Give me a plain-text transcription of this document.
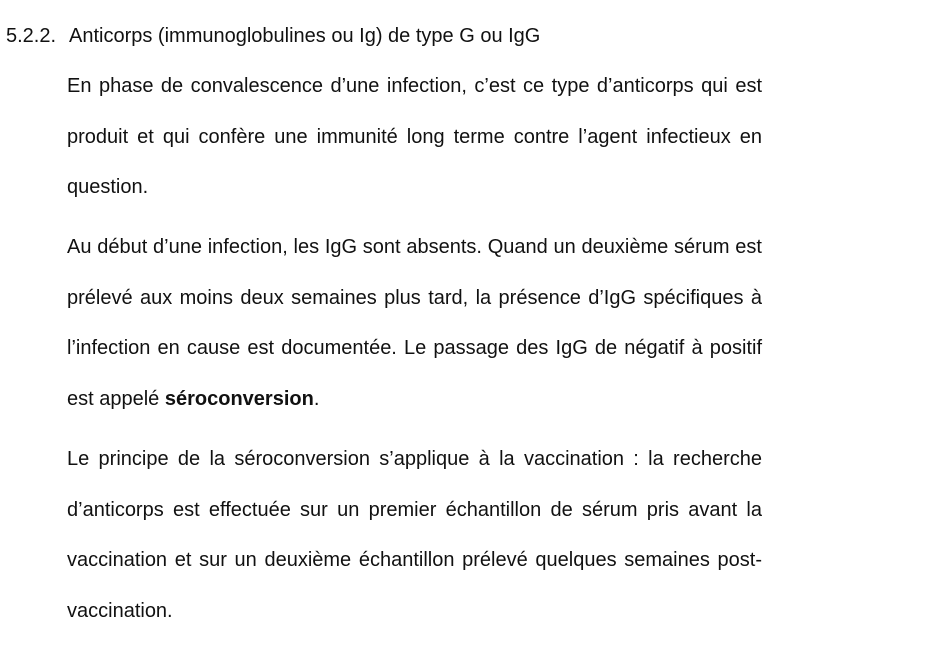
5.2.2. Anticorps (immunoglobulines ou Ig) de type G ou IgG

En phase de convalescence d’une infection, c’est ce type d’anticorps qui est produit et qui confère une immunité long terme contre l’agent infectieux en question.

Au début d’une infection, les IgG sont absents. Quand un deuxième sérum est prélevé aux moins deux semaines plus tard, la présence d’IgG spécifiques à l’infection en cause est documentée. Le passage des IgG de négatif à positif est appelé séroconversion.

Le principe de la séroconversion s’applique à la vaccination : la recherche d’anticorps est effectuée sur un premier échantillon de sérum pris avant la vaccination et sur un deuxième échantillon prélevé quelques semaines post-vaccination.
